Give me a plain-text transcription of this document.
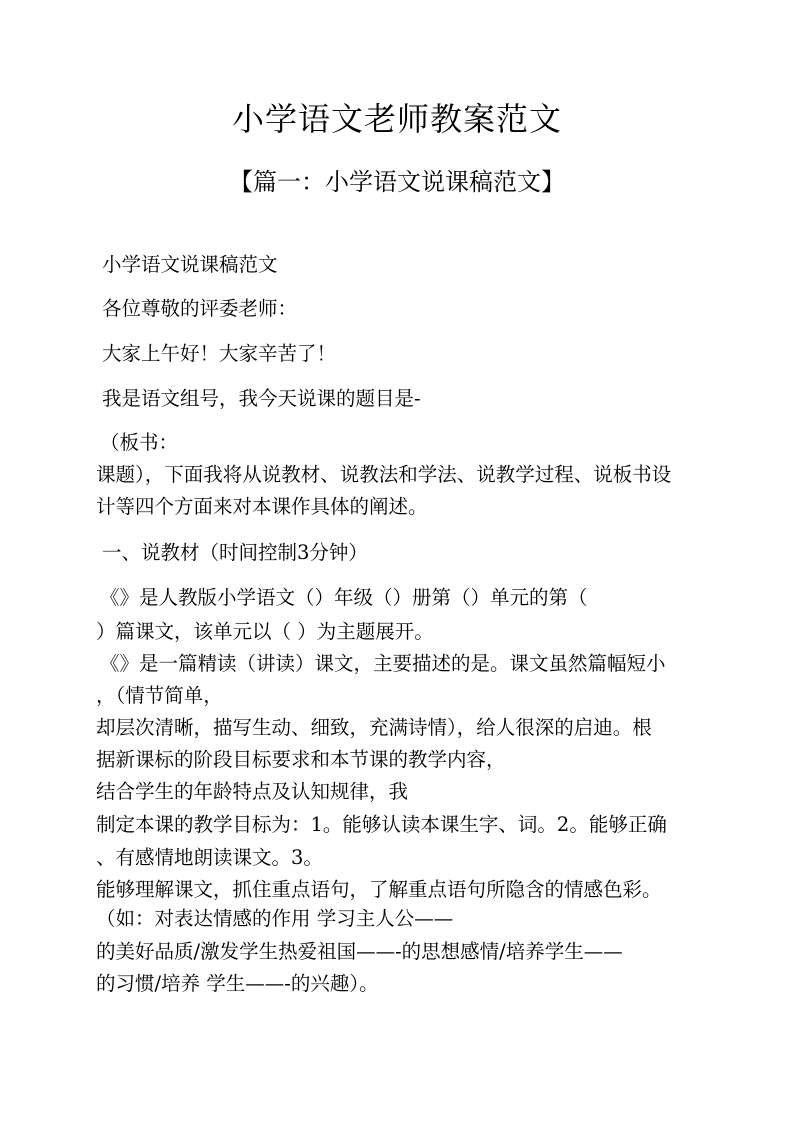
小学语文老师教案范文
【篇一：小学语文说课稿范文】
小学语文说课稿范文
各位尊敬的评委老师：
大家上午好！大家辛苦了！
我是语文组号，我今天说课的题目是-
（板书：
课题），下面我将从说教材、说教法和学法、说教学过程、说板书设
计等四个方面来对本课作具体的阐述。
一、说教材（时间控制3分钟）
《》是人教版小学语文（）年级（）册第（）单元的第（
）篇课文，该单元以（ ）为主题展开。
《》是一篇精读（讲读）课文，主要描述的是。课文虽然篇幅短小
，（情节简单，
却层次清晰，描写生动、细致，充满诗情），给人很深的启迪。根
据新课标的阶段目标要求和本节课的教学内容，
结合学生的年龄特点及认知规律，我
制定本课的教学目标为：1。能够认读本课生字、词。2。能够正确
、有感情地朗读课文。3。
能够理解课文，抓住重点语句，了解重点语句所隐含的情感色彩。
（如：对表达情感的作用 学习主人公——
的美好品质/激发学生热爱祖国——-的思想感情/培养学生——
的习惯/培养 学生——-的兴趣）。
